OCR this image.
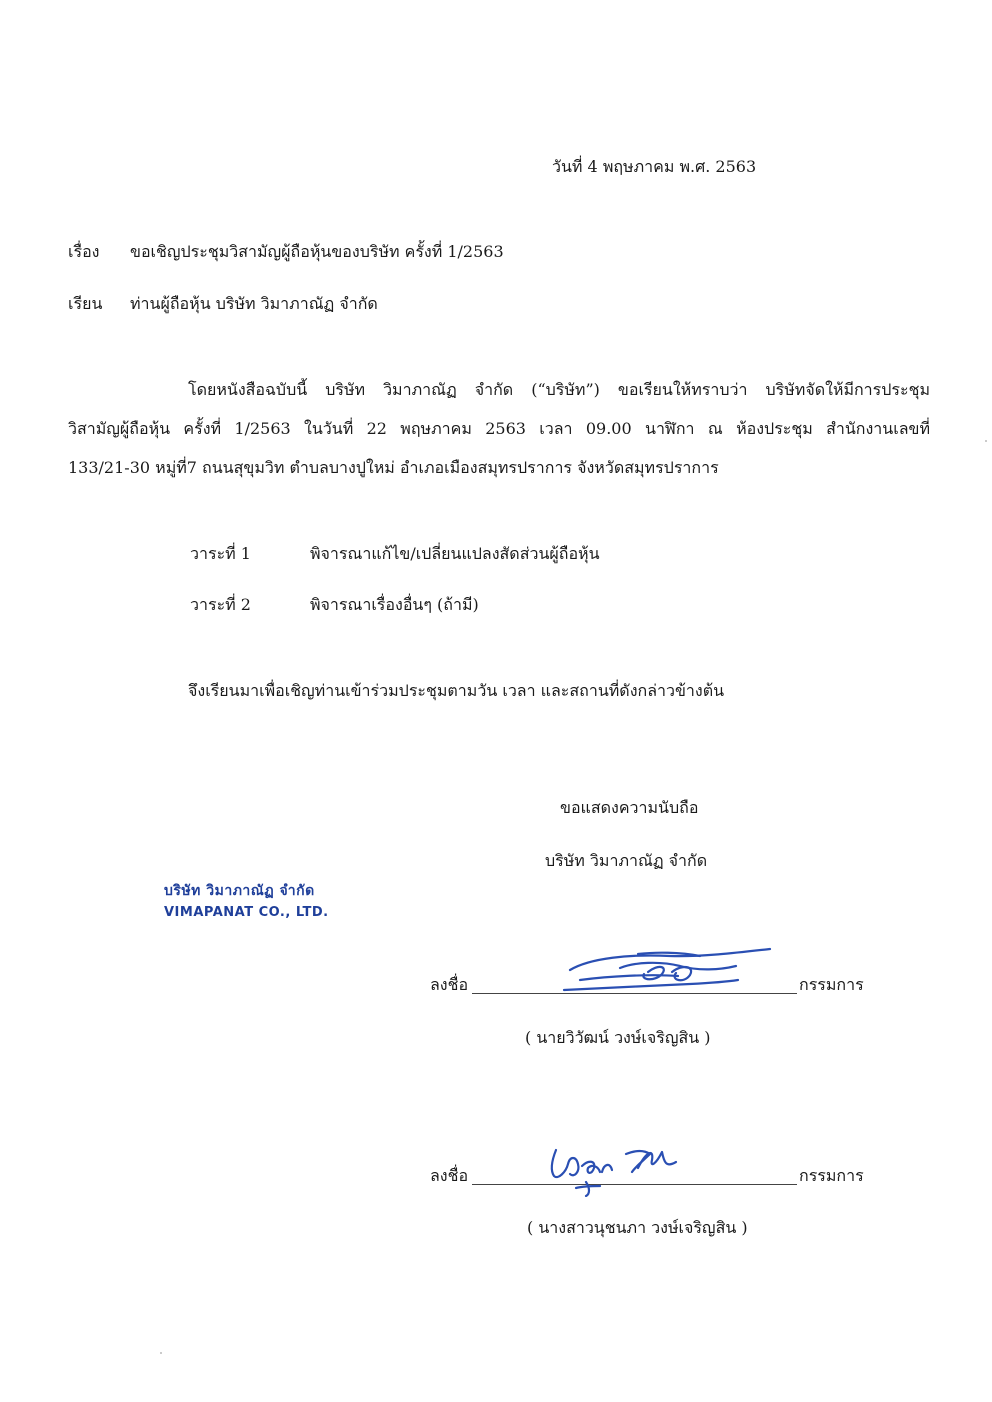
วันที่ 4 พฤษภาคม พ.ศ. 2563
เรื่อง ขอเชิญประชุมวิสามัญผู้ถือหุ้นของบริษัท ครั้งที่ 1/2563
เรียน ท่านผู้ถือหุ้น บริษัท วิมาภาณัฏ จำกัด
โดยหนังสือฉบับนี้ บริษัท วิมาภาณัฏ จำกัด (“บริษัท”) ขอเรียนให้ทราบว่า บริษัทจัดให้มีการประชุม
วิสามัญผู้ถือหุ้น ครั้งที่ 1/2563 ในวันที่ 22 พฤษภาคม 2563 เวลา 09.00 นาฬิกา ณ ห้องประชุม สำนักงานเลขที่
133/21-30 หมู่ที่7 ถนนสุขุมวิท ตำบลบางปูใหม่ อำเภอเมืองสมุทรปราการ จังหวัดสมุทรปราการ
วาระที่ 1	พิจารณาแก้ไข/เปลี่ยนแปลงสัดส่วนผู้ถือหุ้น
วาระที่ 2	พิจารณาเรื่องอื่นๆ (ถ้ามี)
จึงเรียนมาเพื่อเชิญท่านเข้าร่วมประชุมตามวัน เวลา และสถานที่ดังกล่าวข้างต้น
ขอแสดงความนับถือ
บริษัท วิมาภาณัฏ จำกัด
บริษัท วิมาภาณัฏ จำกัด
VIMAPANAT CO., LTD.
ลงชื่อ	กรรมการ
( นายวิวัฒน์ วงษ์เจริญสิน )
ลงชื่อ	กรรมการ
( นางสาวนุชนภา วงษ์เจริญสิน )
